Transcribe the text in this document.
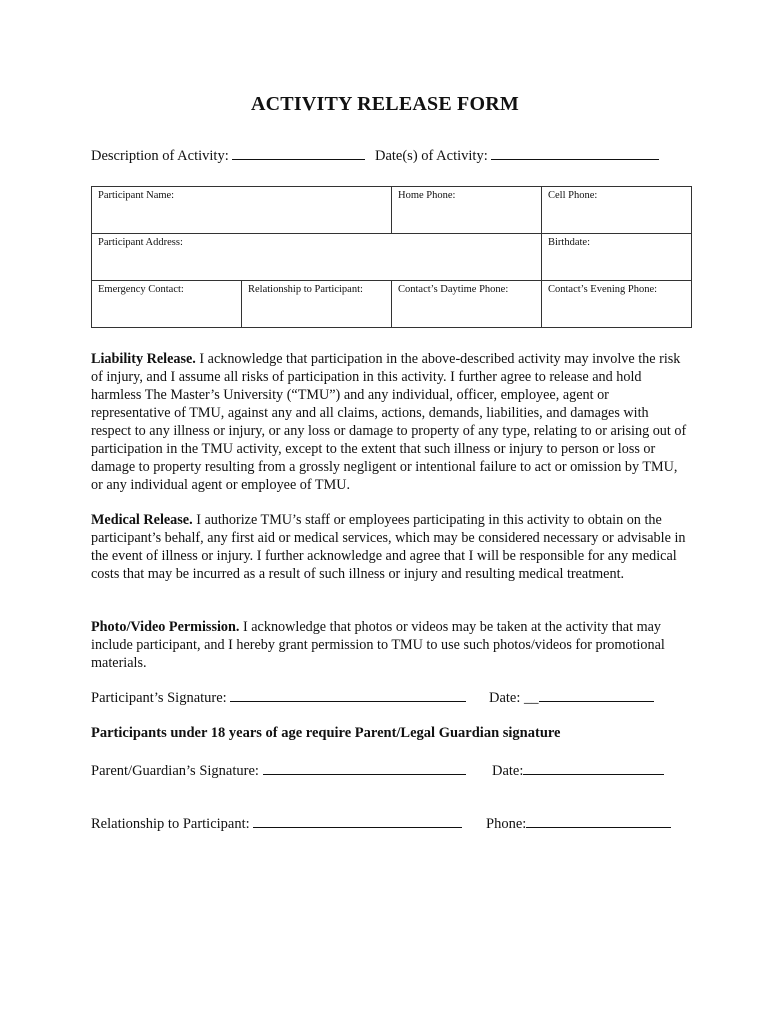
ACTIVITY RELEASE FORM
Description of Activity:	Date(s) of Activity:
Participant Name:		Home Phone:	Cell Phone:
Participant Address:			Birthdate:
Emergency Contact:	Relationship to Participant:	Contact’s Daytime Phone:	Contact’s Evening Phone:
Liability Release. I acknowledge that participation in the above-described activity may involve the risk of injury, and I assume all risks of participation in this activity. I further agree to release and hold harmless The Master’s University (“TMU”) and any individual, officer, employee, agent or representative of TMU, against any and all claims, actions, demands, liabilities, and damages with respect to any illness or injury, or any loss or damage to property of any type, relating to or arising out of participation in the TMU activity, except to the extent that such illness or injury to person or loss or damage to property resulting from a grossly negligent or intentional failure to act or omission by TMU, or any individual agent or employee of TMU.
Medical Release. I authorize TMU’s staff or employees participating in this activity to obtain on the participant’s behalf, any first aid or medical services, which may be considered necessary or advisable in the event of illness or injury. I further acknowledge and agree that I will be responsible for any medical costs that may be incurred as a result of such illness or injury and resulting medical treatment.
Photo/Video Permission. I acknowledge that photos or videos may be taken at the activity that may include participant, and I hereby grant permission to TMU to use such photos/videos for promotional materials.
Participant’s Signature:	Date: __
Participants under 18 years of age require Parent/Legal Guardian signature
Parent/Guardian’s Signature:	Date:
Relationship to Participant:	Phone:
